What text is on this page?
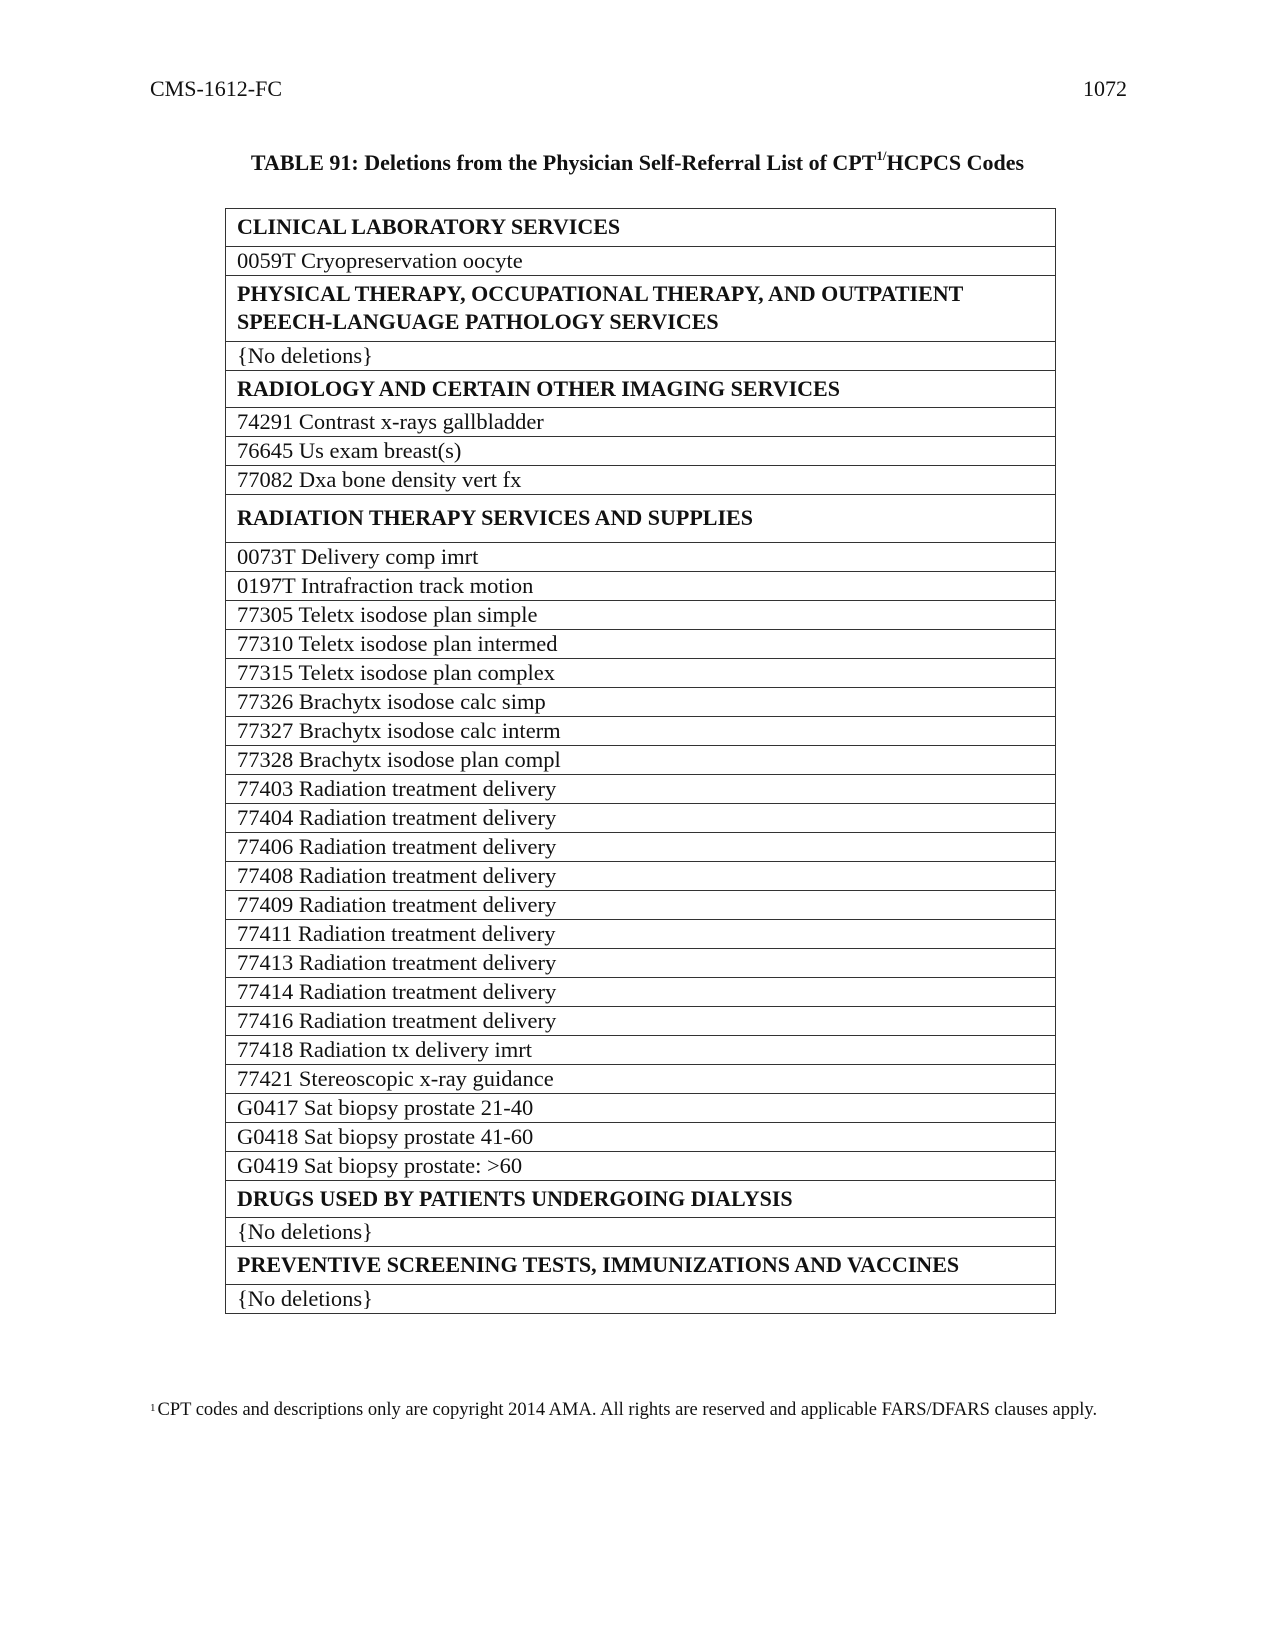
CMS-1612-FC	1072
TABLE 91: Deletions from the Physician Self-Referral List of $CPT^{1/}HCPCS$ Codes
CLINICAL LABORATORY SERVICES
0059T Cryopreservation oocyte
PHYSICAL THERAPY, OCCUPATIONAL THERAPY, AND OUTPATIENT SPEECH-LANGUAGE PATHOLOGY SERVICES
{No deletions}
RADIOLOGY AND CERTAIN OTHER IMAGING SERVICES
74291 Contrast x-rays gallbladder
76645 Us exam breast(s)
77082 Dxa bone density vert fx
RADIATION THERAPY SERVICES AND SUPPLIES
0073T Delivery comp imrt
0197T Intrafraction track motion
77305 Teletx isodose plan simple
77310 Teletx isodose plan intermed
77315 Teletx isodose plan complex
77326 Brachytx isodose calc simp
77327 Brachytx isodose calc interm
77328 Brachytx isodose plan compl
77403 Radiation treatment delivery
77404 Radiation treatment delivery
77406 Radiation treatment delivery
77408 Radiation treatment delivery
77409 Radiation treatment delivery
77411 Radiation treatment delivery
77413 Radiation treatment delivery
77414 Radiation treatment delivery
77416 Radiation treatment delivery
77418 Radiation tx delivery imrt
77421 Stereoscopic x-ray guidance
G0417 Sat biopsy prostate 21-40
G0418 Sat biopsy prostate 41-60
G0419 Sat biopsy prostate: >60
DRUGS USED BY PATIENTS UNDERGOING DIALYSIS
{No deletions}
PREVENTIVE SCREENING TESTS, IMMUNIZATIONS AND VACCINES
{No deletions}
$^1$ CPT codes and descriptions only are copyright 2014 AMA. All rights are reserved and applicable FARS/DFARS clauses apply.
